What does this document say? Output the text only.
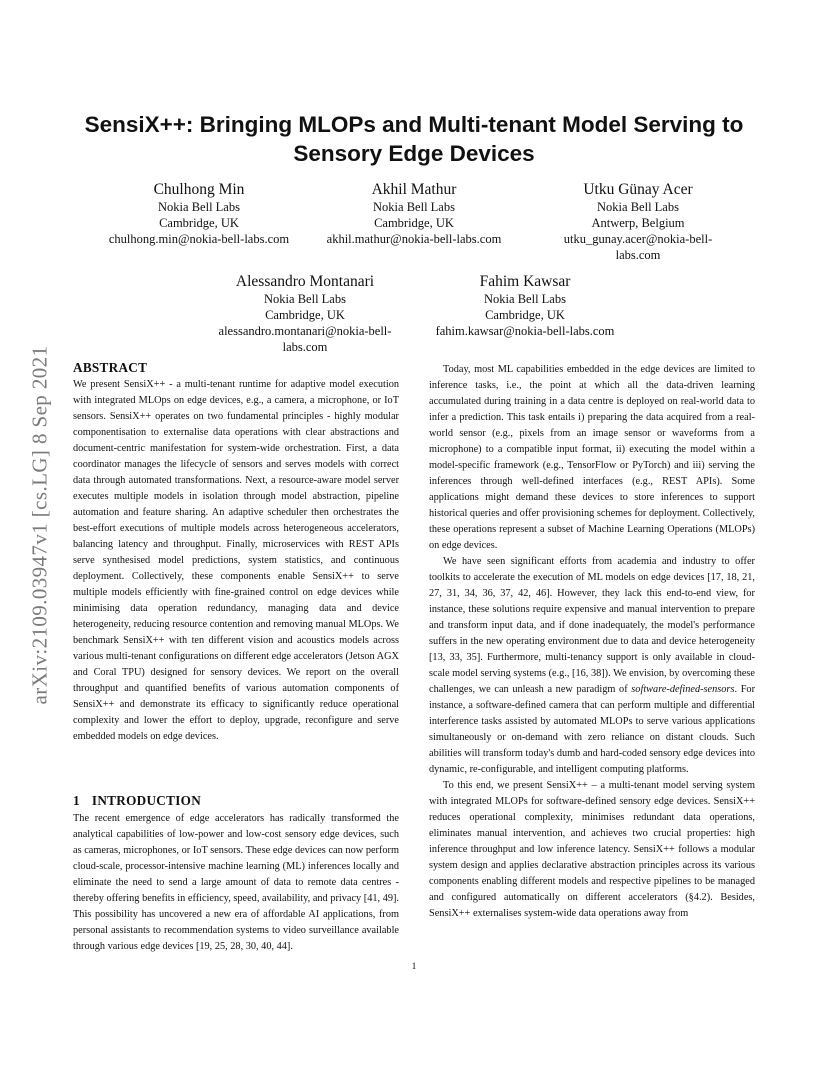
arXiv:2109.03947v1 [cs.LG] 8 Sep 2021
SensiX++: Bringing MLOPs and Multi-tenant Model Serving to
Sensory Edge Devices
Chulhong Min
Nokia Bell Labs
Cambridge, UK
chulhong.min@nokia-bell-labs.com
Akhil Mathur
Nokia Bell Labs
Cambridge, UK
akhil.mathur@nokia-bell-labs.com
Utku Günay Acer
Nokia Bell Labs
Antwerp, Belgium
utku_gunay.acer@nokia-bell-
labs.com
Alessandro Montanari
Nokia Bell Labs
Cambridge, UK
alessandro.montanari@nokia-bell-
labs.com
Fahim Kawsar
Nokia Bell Labs
Cambridge, UK
fahim.kawsar@nokia-bell-labs.com
ABSTRACT

We present SensiX++ - a multi-tenant runtime for adaptive model execution with integrated MLOps on edge devices, e.g., a camera, a microphone, or IoT sensors. SensiX++ operates on two fundamental principles - highly modular componentisation to externalise data operations with clear abstractions and document-centric manifestation for system-wide orchestration. First, a data coordinator manages the lifecycle of sensors and serves models with correct data through automated transformations. Next, a resource-aware model server executes multiple models in isolation through model abstraction, pipeline automation and feature sharing. An adaptive scheduler then orchestrates the best-effort executions of multiple models across heterogeneous accelerators, balancing latency and throughput. Finally, microservices with REST APIs serve synthesised model predictions, system statistics, and continuous deployment. Collectively, these components enable SensiX++ to serve multiple models efficiently with fine-grained control on edge devices while minimising data operation redundancy, managing data and device heterogeneity, reducing resource contention and removing manual MLOps. We benchmark SensiX++ with ten different vision and acoustics models across various multi-tenant configurations on different edge accelerators (Jetson AGX and Coral TPU) designed for sensory devices. We report on the overall throughput and quantified benefits of various automation components of SensiX++ and demonstrate its efficacy to significantly reduce operational complexity and lower the effort to deploy, upgrade, reconfigure and serve embedded models on edge devices.

1 INTRODUCTION

The recent emergence of edge accelerators has radically transformed the analytical capabilities of low-power and low-cost sensory edge devices, such as cameras, microphones, or IoT sensors. These edge devices can now perform cloud-scale, processor-intensive machine learning (ML) inferences locally and eliminate the need to send a large amount of data to remote data centres - thereby offering benefits in efficiency, speed, availability, and privacy [41, 49]. This possibility has uncovered a new era of affordable AI applications, from personal assistants to recommendation systems to video surveillance available through various edge devices [19, 25, 28, 30, 40, 44].

Today, most ML capabilities embedded in the edge devices are limited to inference tasks, i.e., the point at which all the data-driven learning accumulated during training in a data centre is deployed on real-world data to infer a prediction. This task entails i) preparing the data acquired from a real-world sensor (e.g., pixels from an image sensor or waveforms from a microphone) to a compatible input format, ii) executing the model within a model-specific framework (e.g., TensorFlow or PyTorch) and iii) serving the inferences through well-defined interfaces (e.g., REST APIs). Some applications might demand these devices to store inferences to support historical queries and offer provisioning schemes for deployment. Collectively, these operations represent a subset of Machine Learning Operations (MLOPs) on edge devices.

We have seen significant efforts from academia and industry to offer toolkits to accelerate the execution of ML models on edge devices [17, 18, 21, 27, 31, 34, 36, 37, 42, 46]. However, they lack this end-to-end view, for instance, these solutions require expensive and manual intervention to prepare and transform input data, and if done inadequately, the model's performance suffers in the new operating environment due to data and device heterogeneity [13, 33, 35]. Furthermore, multi-tenancy support is only available in cloud-scale model serving systems (e.g., [16, 38]). We envision, by overcoming these challenges, we can unleash a new paradigm of software-defined-sensors. For instance, a software-defined camera that can perform multiple and differential interference tasks assisted by automated MLOPs to serve various applications simultaneously or on-demand with zero reliance on distant clouds. Such abilities will transform today's dumb and hard-coded sensory edge devices into dynamic, re-configurable, and intelligent computing platforms.

To this end, we present SensiX++ – a multi-tenant model serving system with integrated MLOPs for software-defined sensory edge devices. SensiX++ reduces operational complexity, minimises redundant data operations, eliminates manual intervention, and achieves two crucial properties: high inference throughput and low inference latency. SensiX++ follows a modular system design and applies declarative abstraction principles across its various components enabling different models and respective pipelines to be managed and configured automatically on different accelerators (§4.2). Besides, SensiX++ externalises system-wide data operations away from

1
